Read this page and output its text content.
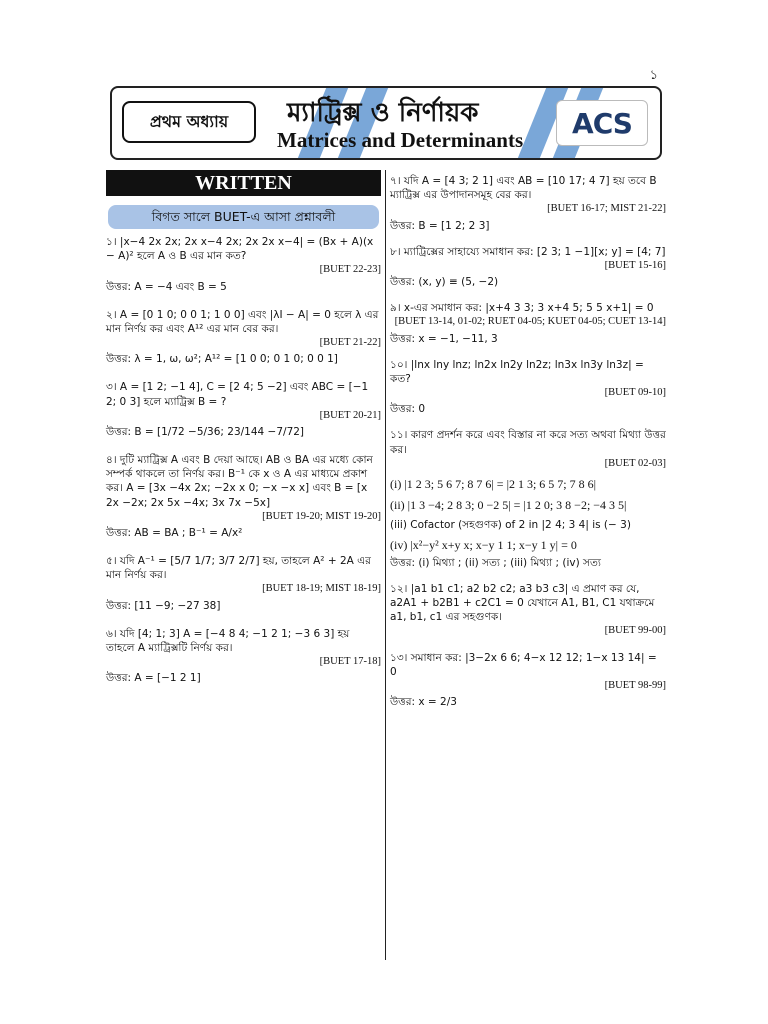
১
প্রথম অধ্যায়	ম্যাট্রিক্স ও নির্ণায়ক
Matrices and Determinants
ACS
WRITTEN
বিগত সালে BUET-এ আসা প্রশ্নাবলী
১। |x−4 2x 2x; 2x x−4 2x; 2x 2x x−4| = (Bx + A)(x − A)² হলে A ও B এর মান কত?
[BUET 22-23]
উত্তর: A = −4 এবং B = 5
২। A = [0 1 0; 0 0 1; 1 0 0] এবং |λI − A| = 0 হলে λ এর মান নির্ণয় কর এবং A¹² এর মান বের কর।
[BUET 21-22]
উত্তর: λ = 1, ω, ω²; A¹² = [1 0 0; 0 1 0; 0 0 1]
৩। A = [1 2; −1 4], C = [2 4; 5 −2] এবং ABC = [−1 2; 0 3] হলে ম্যাট্রিক্স B = ?
[BUET 20-21]
উত্তর: B = [1/72 −5/36; 23/144 −7/72]
৪। দুটি ম্যাট্রিক্স A এবং B দেয়া আছে। AB ও BA এর মধ্যে কোন সম্পর্ক থাকলে তা নির্ণয় কর। B⁻¹ কে x ও A এর মাধ্যমে প্রকাশ কর। A = [3x −4x 2x; −2x x 0; −x −x x] এবং B = [x 2x −2x; 2x 5x −4x; 3x 7x −5x]
[BUET 19-20; MIST 19-20]
উত্তর: AB = BA ; B⁻¹ = A/x²
৫। যদি A⁻¹ = [5/7 1/7; 3/7 2/7] হয়, তাহলে A² + 2A এর মান নির্ণয় কর।
[BUET 18-19; MIST 18-19]
উত্তর: [11 −9; −27 38]
৬। যদি [4; 1; 3] A = [−4 8 4; −1 2 1; −3 6 3] হয় তাহলে A ম্যাট্রিক্সটি নির্ণয় কর।
[BUET 17-18]
উত্তর: A = [−1 2 1]
৭। যদি A = [4 3; 2 1] এবং AB = [10 17; 4 7] হয় তবে B ম্যাট্রিক্স এর উপাদানসমূহ বের কর।
[BUET 16-17; MIST 21-22]
উত্তর: B = [1 2; 2 3]
৮। ম্যাট্রিক্সের সাহায্যে সমাধান কর: [2 3; 1 −1][x; y] = [4; 7]
[BUET 15-16]
উত্তর: (x, y) ≡ (5, −2)
৯। x-এর সমাধান কর: |x+4 3 3; 3 x+4 5; 5 5 x+1| = 0
[BUET 13-14, 01-02; RUET 04-05; KUET 04-05; CUET 13-14]
উত্তর: x = −1, −11, 3
১০। |lnx lny lnz; ln2x ln2y ln2z; ln3x ln3y ln3z| = কত?
[BUET 09-10]
উত্তর: 0
১১। কারণ প্রদর্শন করে এবং বিস্তার না করে সত্য অথবা মিথ্যা উত্তর কর।
[BUET 02-03]
(i) |1 2 3; 5 6 7; 8 7 6| = |2 1 3; 6 5 7; 7 8 6|
(ii) |1 3 −4; 2 8 3; 0 −2 5| = |1 2 0; 3 8 −2; −4 3 5|
(iii) Cofactor (সহগুণক) of 2 in |2 4; 3 4| is (− 3)
(iv) |x²−y² x+y x; x−y 1 1; x−y 1 y| = 0
উত্তর: (i) মিথ্যা ; (ii) সত্য ; (iii) মিথ্যা ; (iv) সত্য
১২। |a1 b1 c1; a2 b2 c2; a3 b3 c3| এ প্রমাণ কর যে, a2A1 + b2B1 + c2C1 = 0 যেখানে A1, B1, C1 যথাক্রমে a1, b1, c1 এর সহগুণক।
[BUET 99-00]
১৩। সমাধান কর: |3−2x 6 6; 4−x 12 12; 1−x 13 14| = 0
[BUET 98-99]
উত্তর: x = 2/3
